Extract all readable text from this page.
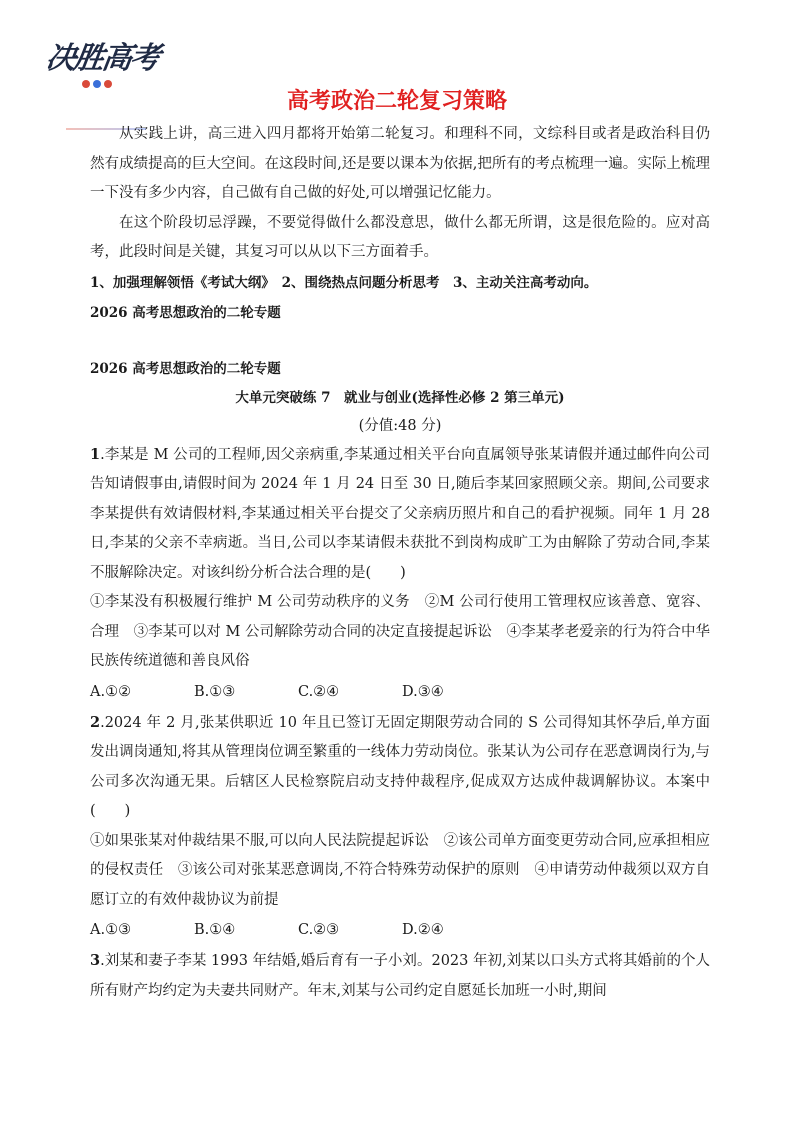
决胜高考
高考政治二轮复习策略

从实践上讲，高三进入四月都将开始第二轮复习。和理科不同，文综科目或者是政治科目仍然有成绩提高的巨大空间。在这段时间,还是要以课本为依据,把所有的考点梳理一遍。实际上梳理一下没有多少内容，自己做有自己做的好处,可以增强记忆能力。

在这个阶段切忌浮躁，不要觉得做什么都没意思，做什么都无所谓，这是很危险的。应对高考，此段时间是关键，其复习可以从以下三方面着手。

1、加强理解领悟《考试大纲》　2、围绕热点问题分析思考　3、主动关注高考动向。

2026 高考思想政治的二轮专题

2026 高考思想政治的二轮专题

大单元突破练 7　就业与创业(选择性必修 2 第三单元)

(分值:48 分)

1.李某是 M 公司的工程师,因父亲病重,李某通过相关平台向直属领导张某请假并通过邮件向公司告知请假事由,请假时间为 2024 年 1 月 24 日至 30 日,随后李某回家照顾父亲。期间,公司要求李某提供有效请假材料,李某通过相关平台提交了父亲病历照片和自己的看护视频。同年 1 月 28 日,李某的父亲不幸病逝。当日,公司以李某请假未获批不到岗构成旷工为由解除了劳动合同,李某不服解除决定。对该纠纷分析合法合理的是(　　)

①李某没有积极履行维护 M 公司劳动秩序的义务　②M 公司行使用工管理权应该善意、宽容、合理　③李某可以对 M 公司解除劳动合同的决定直接提起诉讼　④李某孝老爱亲的行为符合中华民族传统道德和善良风俗

A.①②	B.①③	C.②④	D.③④

2.2024 年 2 月,张某供职近 10 年且已签订无固定期限劳动合同的 S 公司得知其怀孕后,单方面发出调岗通知,将其从管理岗位调至繁重的一线体力劳动岗位。张某认为公司存在恶意调岗行为,与公司多次沟通无果。后辖区人民检察院启动支持仲裁程序,促成双方达成仲裁调解协议。本案中(　　)

①如果张某对仲裁结果不服,可以向人民法院提起诉讼　②该公司单方面变更劳动合同,应承担相应的侵权责任　③该公司对张某恶意调岗,不符合特殊劳动保护的原则　④申请劳动仲裁须以双方自愿订立的有效仲裁协议为前提

A.①③	B.①④	C.②③	D.②④

3.刘某和妻子李某 1993 年结婚,婚后育有一子小刘。2023 年初,刘某以口头方式将其婚前的个人所有财产均约定为夫妻共同财产。年末,刘某与公司约定自愿延长加班一小时,期间
